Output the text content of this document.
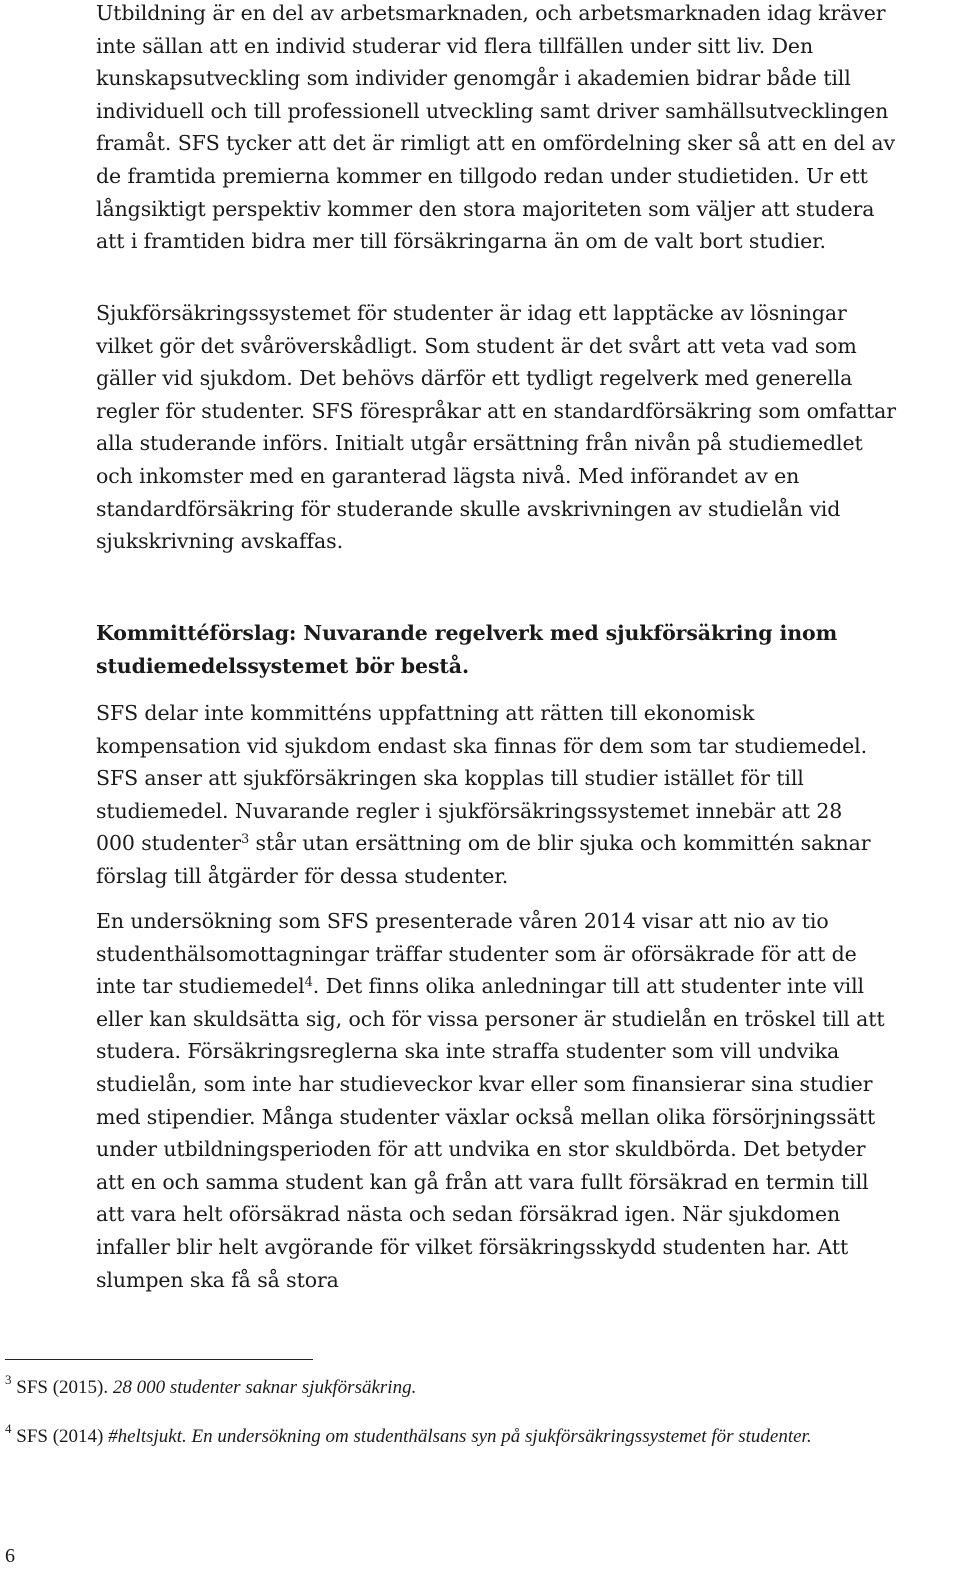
Utbildning är en del av arbetsmarknaden, och arbetsmarknaden idag kräver inte sällan att en individ studerar vid flera tillfällen under sitt liv. Den kunskapsutveckling som individer genomgår i akademien bidrar både till individuell och till professionell utveckling samt driver samhällsutvecklingen framåt. SFS tycker att det är rimligt att en omfördelning sker så att en del av de framtida premierna kommer en tillgodo redan under studietiden. Ur ett långsiktigt perspektiv kommer den stora majoriteten som väljer att studera att i framtiden bidra mer till försäkringarna än om de valt bort studier.

Sjukförsäkringssystemet för studenter är idag ett lapptäcke av lösningar vilket gör det svåröverskådligt. Som student är det svårt att veta vad som gäller vid sjukdom. Det behövs därför ett tydligt regelverk med generella regler för studenter. SFS förespråkar att en standardförsäkring som omfattar alla studerande införs. Initialt utgår ersättning från nivån på studiemedlet och inkomster med en garanterad lägsta nivå. Med införandet av en standardförsäkring för studerande skulle avskrivningen av studielån vid sjukskrivning avskaffas.

Kommittéförslag: Nuvarande regelverk med sjukförsäkring inom studiemedelssystemet bör bestå.

SFS delar inte kommitténs uppfattning att rätten till ekonomisk kompensation vid sjukdom endast ska finnas för dem som tar studiemedel. SFS anser att sjukförsäkringen ska kopplas till studier istället för till studiemedel. Nuvarande regler i sjukförsäkringssystemet innebär att 28 000 studenter$^3$ står utan ersättning om de blir sjuka och kommittén saknar förslag till åtgärder för dessa studenter.

En undersökning som SFS presenterade våren 2014 visar att nio av tio studenthälsomottagningar träffar studenter som är oförsäkrade för att de inte tar studiemedel$^4$. Det finns olika anledningar till att studenter inte vill eller kan skuldsätta sig, och för vissa personer är studielån en tröskel till att studera. Försäkringsreglerna ska inte straffa studenter som vill undvika studielån, som inte har studieveckor kvar eller som finansierar sina studier med stipendier. Många studenter växlar också mellan olika försörjningssätt under utbildningsperioden för att undvika en stor skuldbörda. Det betyder att en och samma student kan gå från att vara fullt försäkrad en termin till att vara helt oförsäkrad nästa och sedan försäkrad igen. När sjukdomen infaller blir helt avgörande för vilket försäkringsskydd studenten har. Att slumpen ska få så stora

$^3$ SFS (2015). 28 000 studenter saknar sjukförsäkring.
$^4$ SFS (2014) #heltsjukt. En undersökning om studenthälsans syn på sjukförsäkringssystemet för studenter.
6
